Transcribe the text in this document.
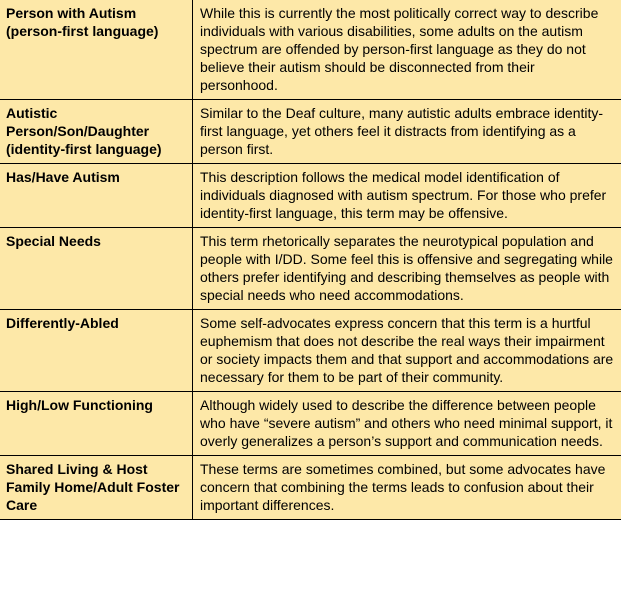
Person with Autism (person-first language)	While this is currently the most politically correct way to describe individuals with various disabilities, some adults on the autism spectrum are offended by person-first language as they do not believe their autism should be disconnected from their personhood.
Autistic Person/Son/Daughter (identity-first language)	Similar to the Deaf culture, many autistic adults embrace identity-first language, yet others feel it distracts from identifying as a person first.
Has/Have Autism	This description follows the medical model identification of individuals diagnosed with autism spectrum. For those who prefer identity-first language, this term may be offensive.
Special Needs	This term rhetorically separates the neurotypical population and people with I/DD. Some feel this is offensive and segregating while others prefer identifying and describing themselves as people with special needs who need accommodations.
Differently-Abled	Some self-advocates express concern that this term is a hurtful euphemism that does not describe the real ways their impairment or society impacts them and that support and accommodations are necessary for them to be part of their community.
High/Low Functioning	Although widely used to describe the difference between people who have “severe autism” and others who need minimal support, it overly generalizes a person’s support and communication needs.
Shared Living & Host Family Home/Adult Foster Care	These terms are sometimes combined, but some advocates have concern that combining the terms leads to confusion about their important differences.
